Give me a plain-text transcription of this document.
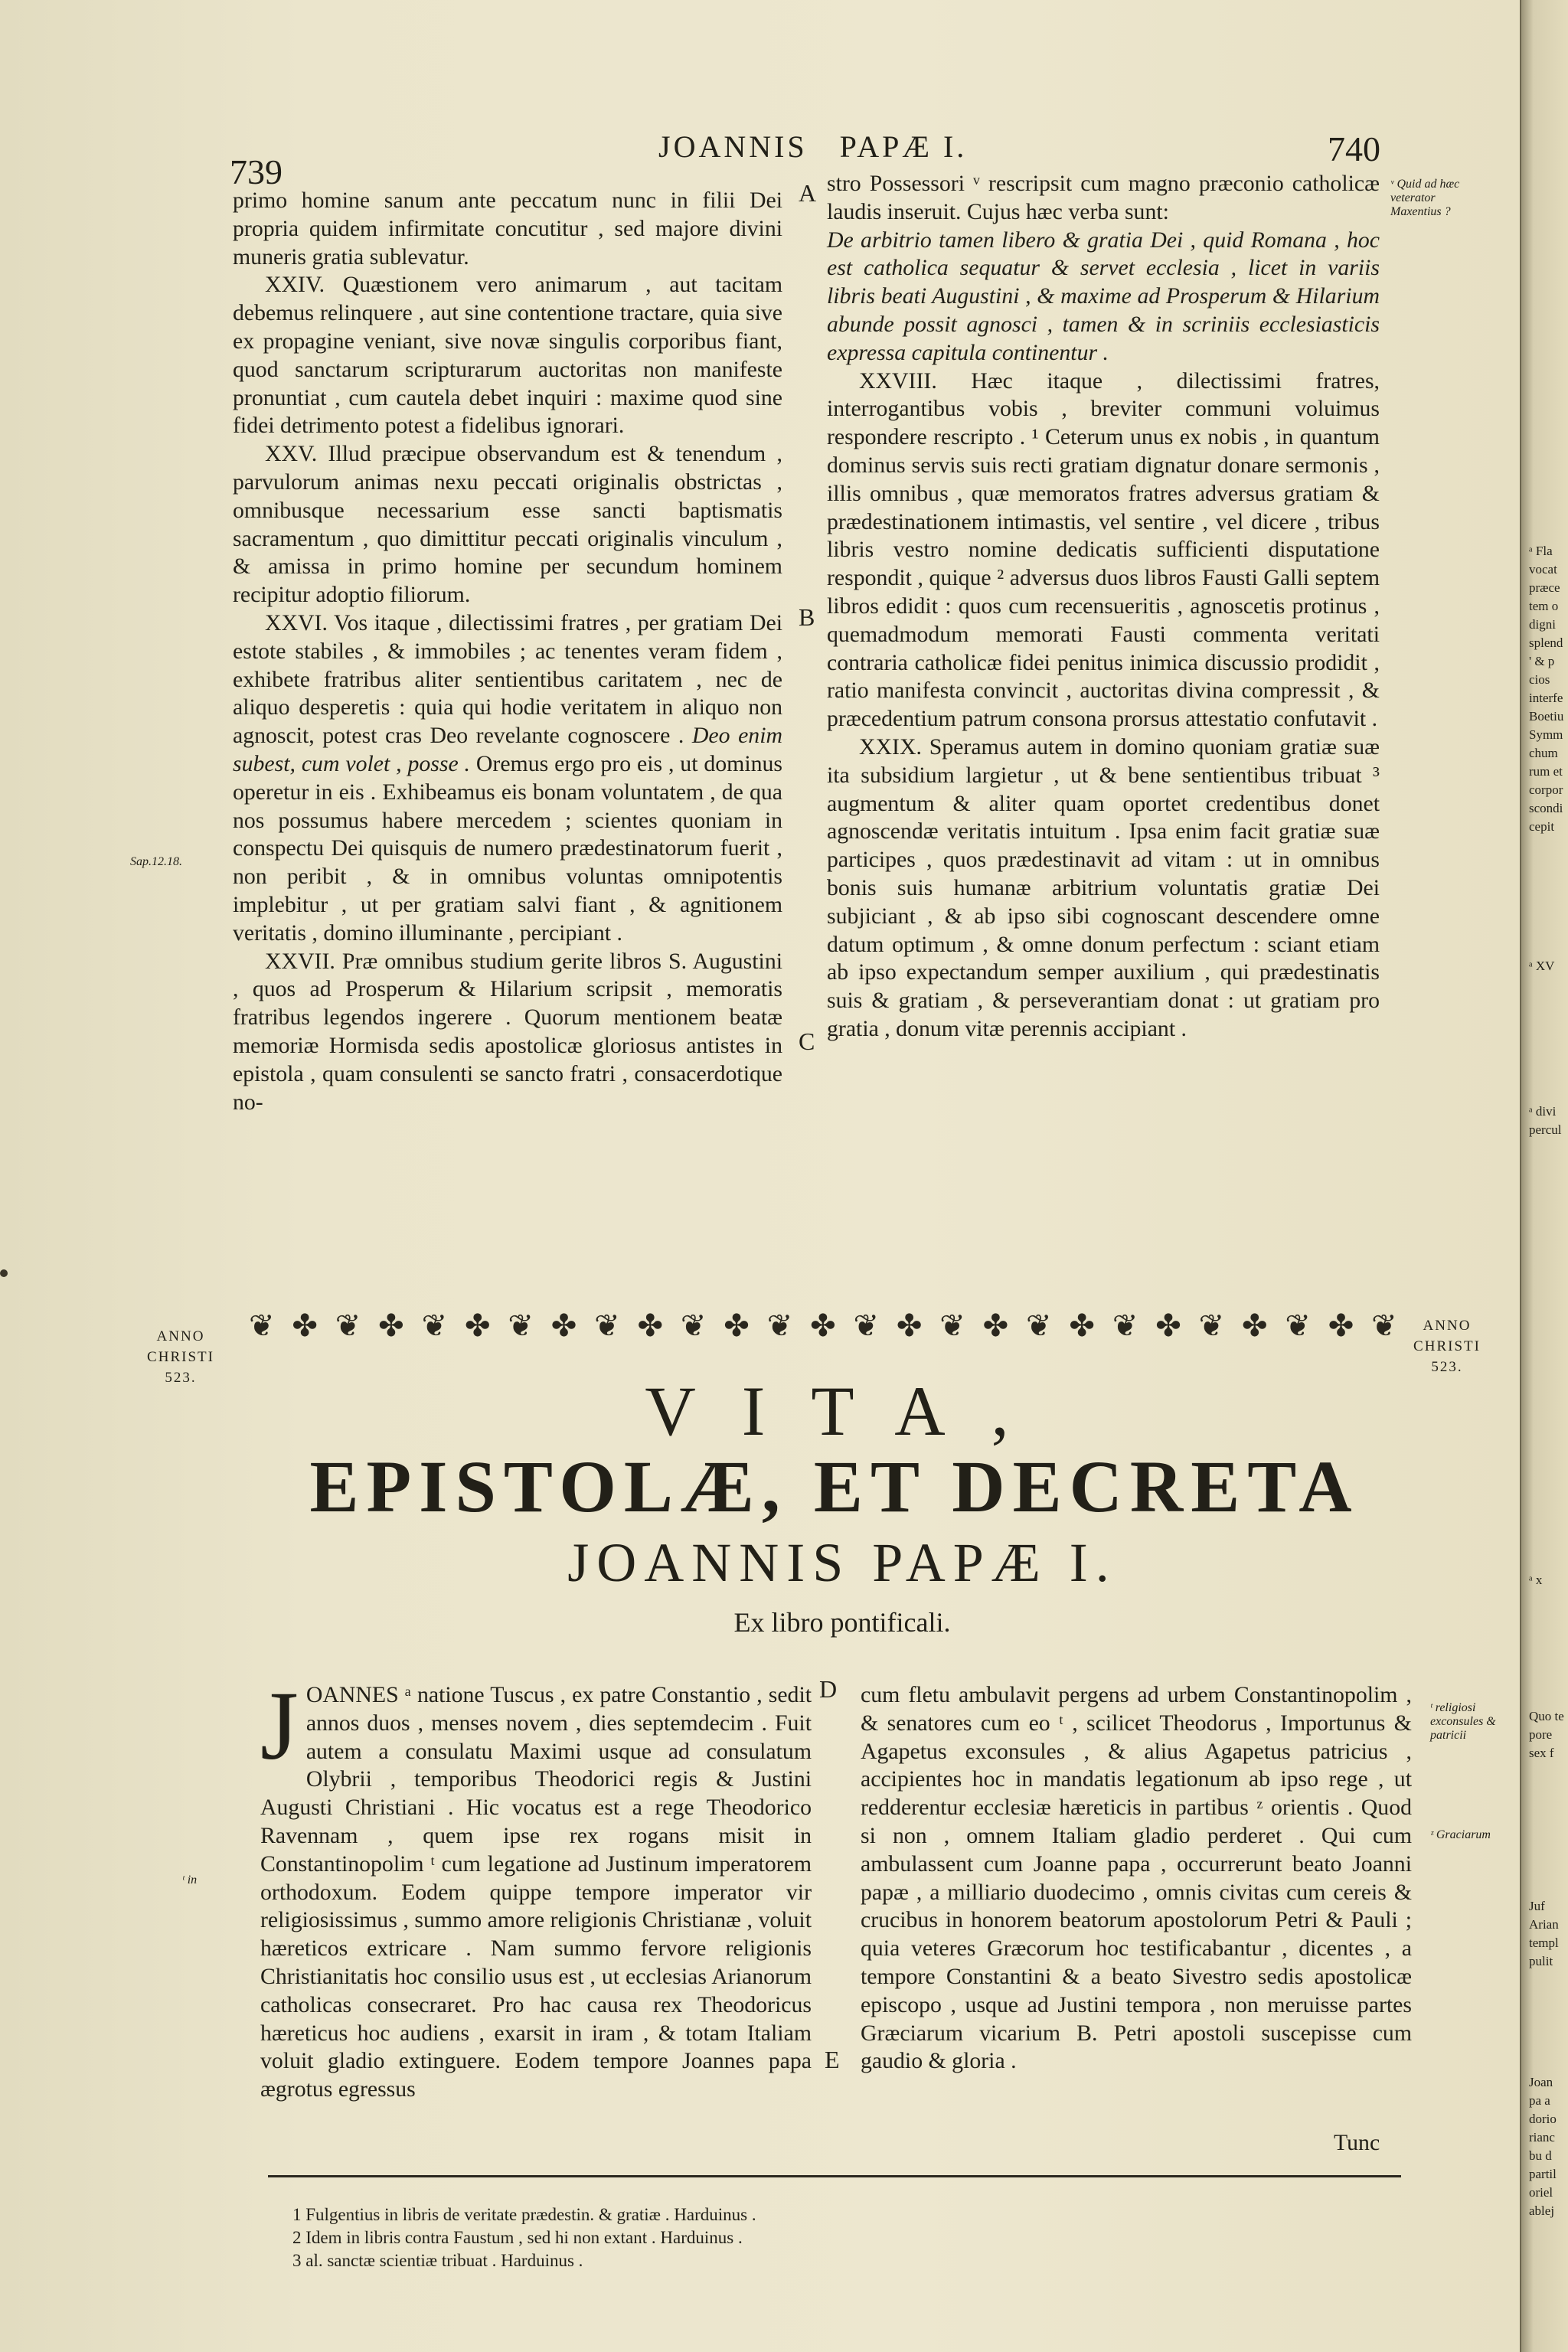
739
JOANNIS   PAPÆ I.	740
ᵛ Quid ad hæc veterator Maxentius ?
Sap.12.18.
ᵗ religiosi exconsules & patricii
ᶻ Graciarum
ᵗ in
A
B
C
D
E

primo homine sanum ante peccatum nunc in filii Dei propria quidem infirmitate concutitur , sed majore divini muneris gratia sublevatur.

XXIV. Quæstionem vero animarum , aut tacitam debemus relinquere , aut sine contentione tractare, quia sive ex propagine veniant, sive novæ singulis corporibus fiant, quod sanctarum scripturarum auctoritas non manifeste pronuntiat , cum cautela debet inquiri : maxime quod sine fidei detrimento potest a fidelibus ignorari.

XXV. Illud præcipue observandum est & tenendum , parvulorum animas nexu peccati originalis obstrictas , omnibusque necessarium esse sancti baptismatis sacramentum , quo dimittitur peccati originalis vinculum , & amissa in primo homine per secundum hominem recipitur adoptio filiorum.

XXVI. Vos itaque , dilectissimi fratres , per gratiam Dei estote stabiles , & immobiles ; ac tenentes veram fidem , exhibete fratribus aliter sentientibus caritatem , nec de aliquo desperetis : quia qui hodie veritatem in aliquo non agnoscit, potest cras Deo revelante cognoscere . Deo enim subest, cum volet , posse . Oremus ergo pro eis , ut dominus operetur in eis . Exhibeamus eis bonam voluntatem , de qua nos possumus habere mercedem ; scientes quoniam in conspectu Dei quisquis de numero prædestinatorum fuerit , non peribit , & in omnibus voluntas omnipotentis implebitur , ut per gratiam salvi fiant , & agnitionem veritatis , domino illuminante , percipiant .

XXVII. Præ omnibus studium gerite libros S. Augustini , quos ad Prosperum & Hilarium scripsit , memoratis fratribus legendos ingerere . Quorum mentionem beatæ memoriæ Hormisda sedis apostolicæ gloriosus antistes in epistola , quam consulenti se sancto fratri , consacerdotique no-

stro Possessori ᵛ rescripsit cum magno præconio catholicæ laudis inseruit. Cujus hæc verba sunt:

De arbitrio tamen libero & gratia Dei , quid Romana , hoc est catholica sequatur & servet ecclesia , licet in variis libris beati Augustini , & maxime ad Prosperum & Hilarium abunde possit agnosci , tamen & in scriniis ecclesiasticis expressa capitula continentur .

XXVIII. Hæc itaque , dilectissimi fratres, interrogantibus vobis , breviter communi voluimus respondere rescripto . ¹ Ceterum unus ex nobis , in quantum dominus servis suis recti gratiam dignatur donare sermonis , illis omnibus , quæ memoratos fratres adversus gratiam & prædestinationem intimastis, vel sentire , vel dicere , tribus libris vestro nomine dedicatis sufficienti disputatione respondit , quique ² adversus duos libros Fausti Galli septem libros edidit : quos cum recensueritis , agnoscetis protinus , quemadmodum memorati Fausti commenta veritati contraria catholicæ fidei penitus inimica discussio prodidit , ratio manifesta convincit , auctoritas divina compressit , & præcedentium patrum consona prorsus attestatio confutavit .

XXIX. Speramus autem in domino quoniam gratiæ suæ ita subsidium largietur , ut & bene sentientibus tribuat ³ augmentum & aliter quam oportet credentibus donet agnoscendæ veritatis intuitum . Ipsa enim facit gratiæ suæ participes , quos prædestinavit ad vitam : ut in omnibus bonis suis humanæ arbitrium voluntatis gratiæ Dei subjiciant , & ab ipso sibi cognoscant descendere omne datum optimum , & omne donum perfectum : sciant etiam ab ipso expectandum semper auxilium , qui prædestinatis suis & gratiam , & perseverantiam donat : ut gratiam pro gratia , donum vitæ perennis accipiant .

ANNO
CHRISTI
523.
ANNO
CHRISTI
523.
❦ ✤ ❦ ✤ ❦ ✤ ❦ ✤ ❦ ✤ ❦ ✤ ❦ ✤ ❦ ✤ ❦ ✤ ❦ ✤ ❦ ✤ ❦ ✤ ❦ ✤ ❦
VITA,
EPISTOLÆ, ET DECRETA
JOANNIS PAPÆ I.
Ex libro pontificali.

JOANNES ᵃ natione Tuscus , ex patre Constantio , sedit annos duos , menses novem , dies septemdecim . Fuit autem a consulatu Maximi usque ad consulatum Olybrii , temporibus Theodorici regis & Justini Augusti Christiani . Hic vocatus est a rege Theodorico Ravennam , quem ipse rex rogans misit in Constantinopolim ᵗ cum legatione ad Justinum imperatorem orthodoxum. Eodem quippe tempore imperator vir religiosissimus , summo amore religionis Christianæ , voluit hæreticos extricare . Nam summo fervore religionis Christianitatis hoc consilio usus est , ut ecclesias Arianorum catholicas consecraret. Pro hac causa rex Theodoricus hæreticus hoc audiens , exarsit in iram , & totam Italiam voluit gladio extinguere. Eodem tempore Joannes papa ægrotus egressus

cum fletu ambulavit pergens ad urbem Constantinopolim , & senatores cum eo ᵗ , scilicet Theodorus , Importunus & Agapetus exconsules , & alius Agapetus patricius , accipientes hoc in mandatis legationum ab ipso rege , ut redderentur ecclesiæ hæreticis in partibus ᶻ orientis . Quod si non , omnem Italiam gladio perderet . Qui cum ambulassent cum Joanne papa , occurrerunt beato Joanni papæ , a milliario duodecimo , omnis civitas cum cereis & crucibus in honorem beatorum apostolorum Petri & Pauli ; quia veteres Græcorum hoc testificabantur , dicentes , a tempore Constantini & a beato Sivestro sedis apostolicæ episcopo , usque ad Justini tempora , non meruisse partes Græciarum vicarium B. Petri apostoli suscepisse cum gaudio & gloria .

Tunc
1 Fulgentius in libris de veritate prædestin. & gratiæ . Harduinus .
2 Idem in libris contra Faustum , sed hi non extant . Harduinus .
3 al. sanctæ scientiæ tribuat . Harduinus .
ᵃ Fla
vocat
præce
tem o
digni
splend
' & p
cios
interfe
Boetiu
Symm
chum
rum et
corpor
scondi
cepit
ᵃ XV
ᵃ divi
percul
ᵃ x
Quo te
pore
sex f
Juf
Arian
templ
pulit
Joan
pa a
dorio
rianc
bu d
partil
oriel
ablej
